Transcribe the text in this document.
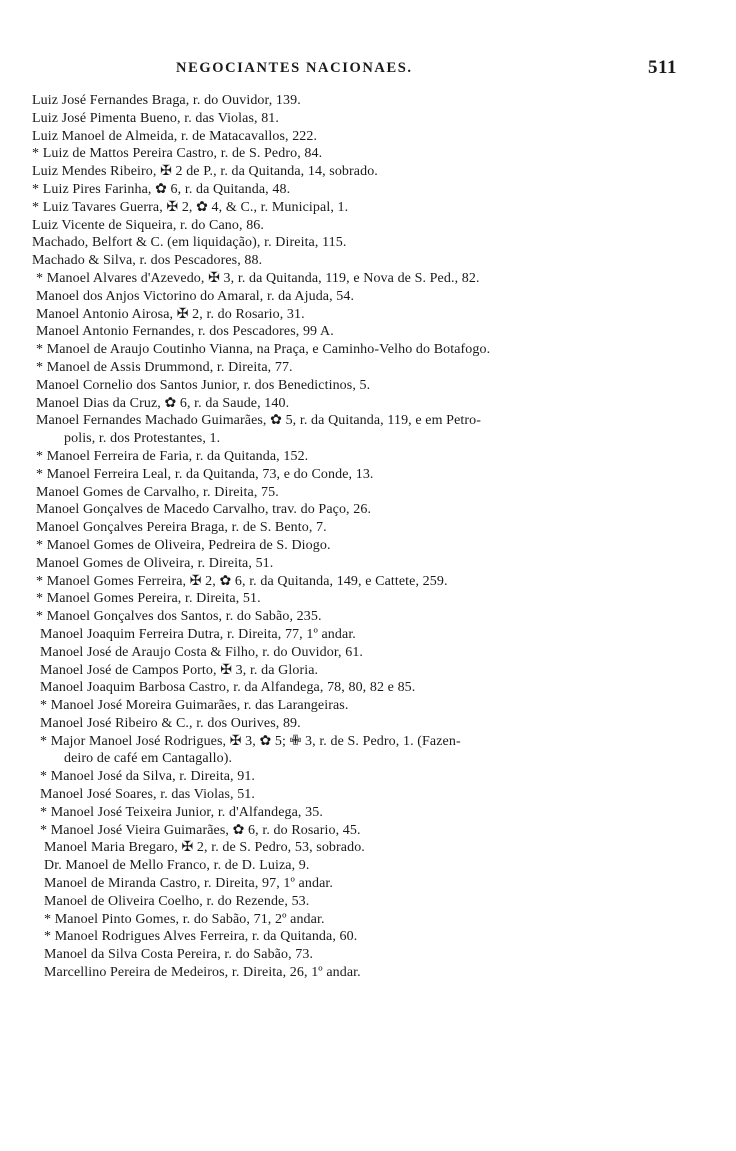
NEGOCIANTES NACIONAES.	511
Luiz José Fernandes Braga, r. do Ouvidor, 139.
Luiz José Pimenta Bueno, r. das Violas, 81.
Luiz Manoel de Almeida, r. de Matacavallos, 222.
* Luiz de Mattos Pereira Castro, r. de S. Pedro, 84.
Luiz Mendes Ribeiro, ✠ 2 de P., r. da Quitanda, 14, sobrado.
* Luiz Pires Farinha, ✿ 6, r. da Quitanda, 48.
* Luiz Tavares Guerra, ✠ 2, ✿ 4, & C., r. Municipal, 1.
Luiz Vicente de Siqueira, r. do Cano, 86.
Machado, Belfort & C. (em liquidação), r. Direita, 115.
Machado & Silva, r. dos Pescadores, 88.
* Manoel Alvares d'Azevedo, ✠ 3, r. da Quitanda, 119, e Nova de S. Ped., 82.
Manoel dos Anjos Victorino do Amaral, r. da Ajuda, 54.
Manoel Antonio Airosa, ✠ 2, r. do Rosario, 31.
Manoel Antonio Fernandes, r. dos Pescadores, 99 A.
* Manoel de Araujo Coutinho Vianna, na Praça, e Caminho-Velho do Botafogo.
* Manoel de Assis Drummond, r. Direita, 77.
Manoel Cornelio dos Santos Junior, r. dos Benedictinos, 5.
Manoel Dias da Cruz, ✿ 6, r. da Saude, 140.
Manoel Fernandes Machado Guimarães, ✿ 5, r. da Quitanda, 119, e em Petro-
polis, r. dos Protestantes, 1.
* Manoel Ferreira de Faria, r. da Quitanda, 152.
* Manoel Ferreira Leal, r. da Quitanda, 73, e do Conde, 13.
Manoel Gomes de Carvalho, r. Direita, 75.
Manoel Gonçalves de Macedo Carvalho, trav. do Paço, 26.
Manoel Gonçalves Pereira Braga, r. de S. Bento, 7.
* Manoel Gomes de Oliveira, Pedreira de S. Diogo.
Manoel Gomes de Oliveira, r. Direita, 51.
* Manoel Gomes Ferreira, ✠ 2, ✿ 6, r. da Quitanda, 149, e Cattete, 259.
* Manoel Gomes Pereira, r. Direita, 51.
* Manoel Gonçalves dos Santos, r. do Sabão, 235.
Manoel Joaquim Ferreira Dutra, r. Direita, 77, 1º andar.
Manoel José de Araujo Costa & Filho, r. do Ouvidor, 61.
Manoel José de Campos Porto, ✠ 3, r. da Gloria.
Manoel Joaquim Barbosa Castro, r. da Alfandega, 78, 80, 82 e 85.
* Manoel José Moreira Guimarães, r. das Larangeiras.
Manoel José Ribeiro & C., r. dos Ourives, 89.
* Major Manoel José Rodrigues, ✠ 3, ✿ 5; ✙ 3, r. de S. Pedro, 1. (Fazen-
deiro de café em Cantagallo).
* Manoel José da Silva, r. Direita, 91.
Manoel José Soares, r. das Violas, 51.
* Manoel José Teixeira Junior, r. d'Alfandega, 35.
* Manoel José Vieira Guimarães, ✿ 6, r. do Rosario, 45.
Manoel Maria Bregaro, ✠ 2, r. de S. Pedro, 53, sobrado.
Dr. Manoel de Mello Franco, r. de D. Luiza, 9.
Manoel de Miranda Castro, r. Direita, 97, 1º andar.
Manoel de Oliveira Coelho, r. do Rezende, 53.
* Manoel Pinto Gomes, r. do Sabão, 71, 2º andar.
* Manoel Rodrigues Alves Ferreira, r. da Quitanda, 60.
Manoel da Silva Costa Pereira, r. do Sabão, 73.
Marcellino Pereira de Medeiros, r. Direita, 26, 1º andar.
